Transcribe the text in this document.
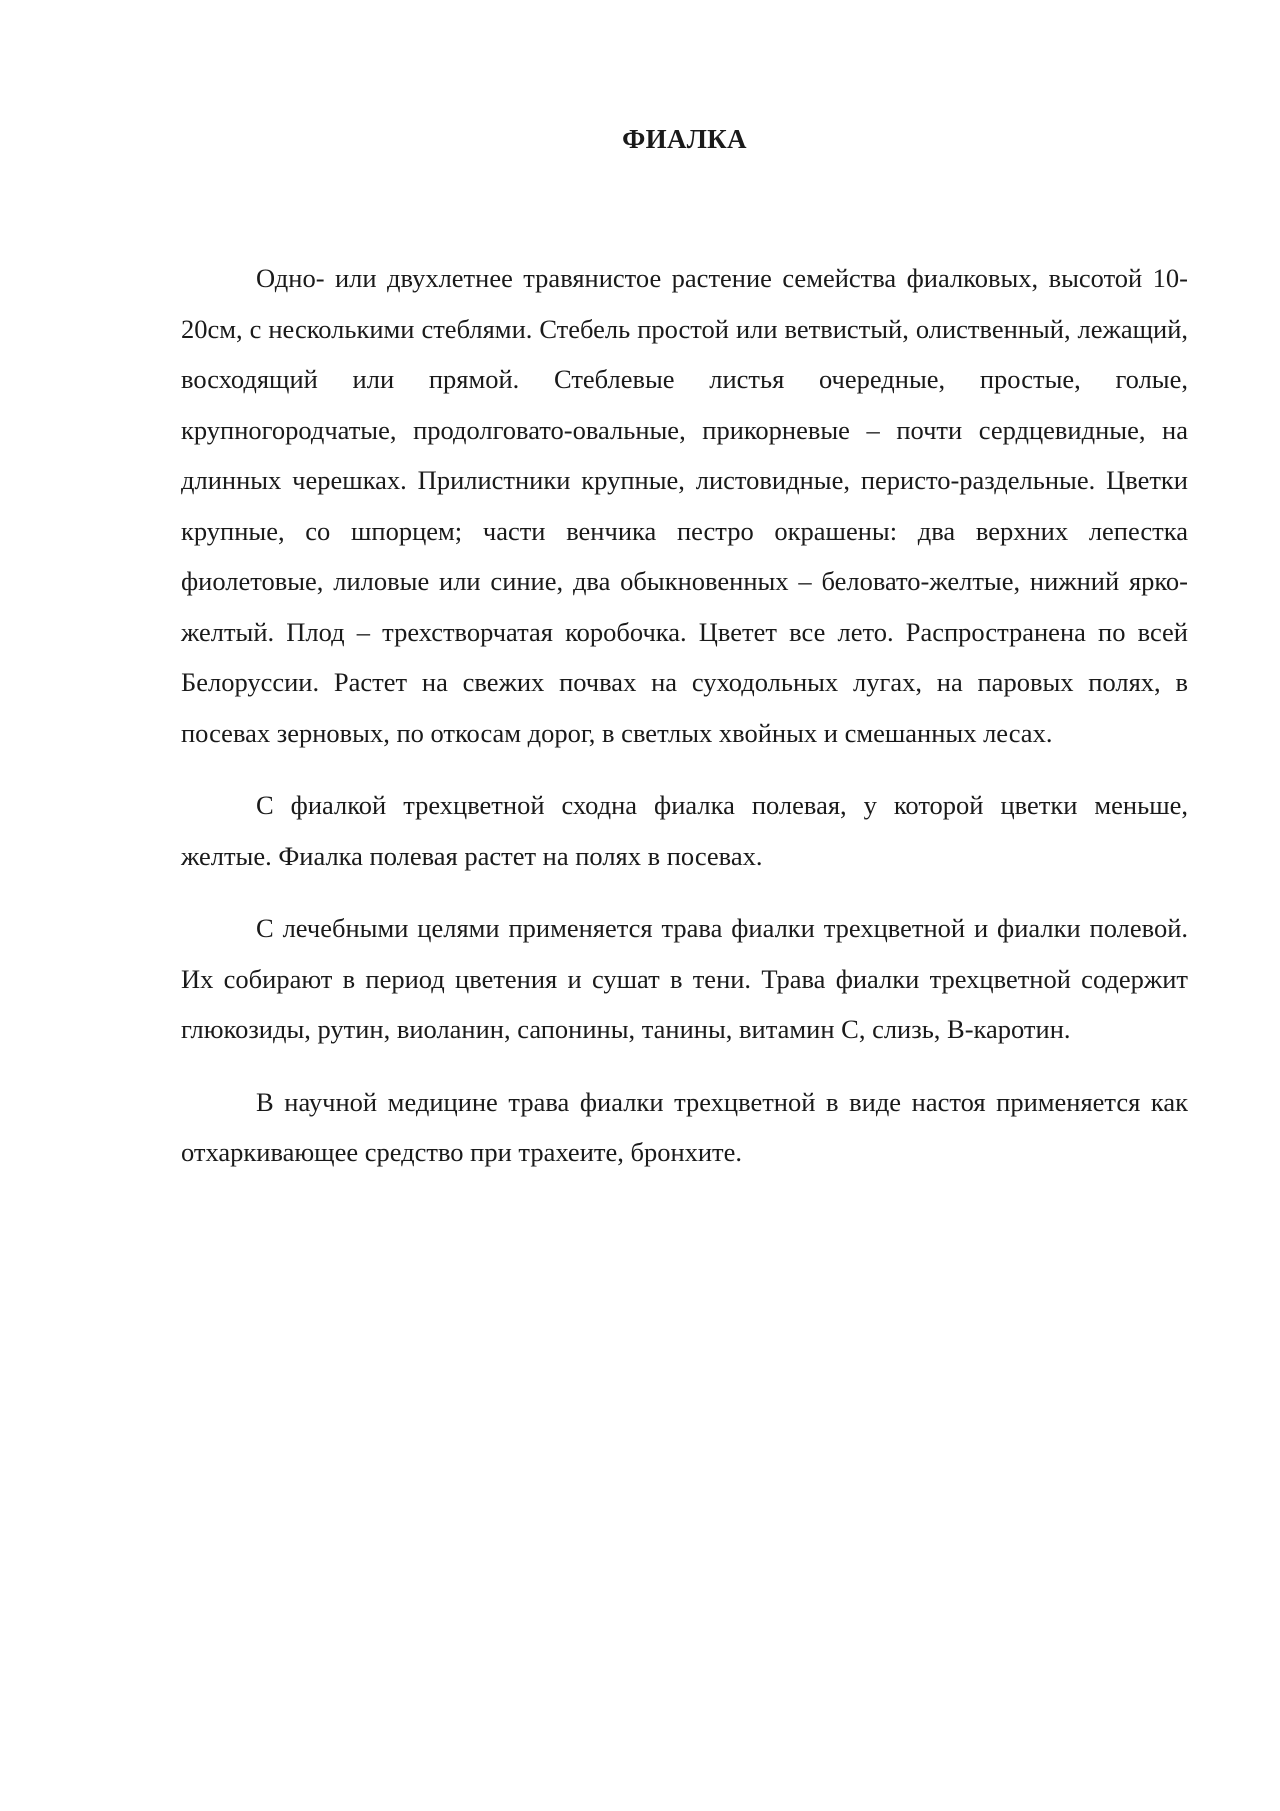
ФИАЛКА

Одно- или двухлетнее травянистое растение семейства фиалковых, высотой 10-20см, с несколькими стеблями. Стебель простой или ветвистый, олиственный, лежащий, восходящий или прямой. Стеблевые листья очередные, простые, голые, крупногородчатые, продолговато-овальные, прикорневые – почти сердцевидные, на длинных черешках. Прилистники крупные, листовидные, перисто-раздельные. Цветки крупные, со шпорцем; части венчика пестро окрашены: два верхних лепестка фиолетовые, лиловые или синие, два обыкновенных – беловато-желтые, нижний ярко-желтый. Плод – трехстворчатая коробочка. Цветет все лето. Распространена по всей Белоруссии. Растет на свежих почвах на суходольных лугах, на паровых полях, в посевах зерновых, по откосам дорог, в светлых хвойных и смешанных лесах.

С фиалкой трехцветной сходна фиалка полевая, у которой цветки меньше, желтые. Фиалка полевая растет на полях в посевах.

С лечебными целями применяется трава фиалки трехцветной и фиалки полевой. Их собирают в период цветения и сушат в тени. Трава фиалки трехцветной содержит глюкозиды, рутин, виоланин, сапонины, танины, витамин С, слизь, В-каротин.

В научной медицине трава фиалки трехцветной в виде настоя применяется как отхаркивающее средство при трахеите, бронхите.
